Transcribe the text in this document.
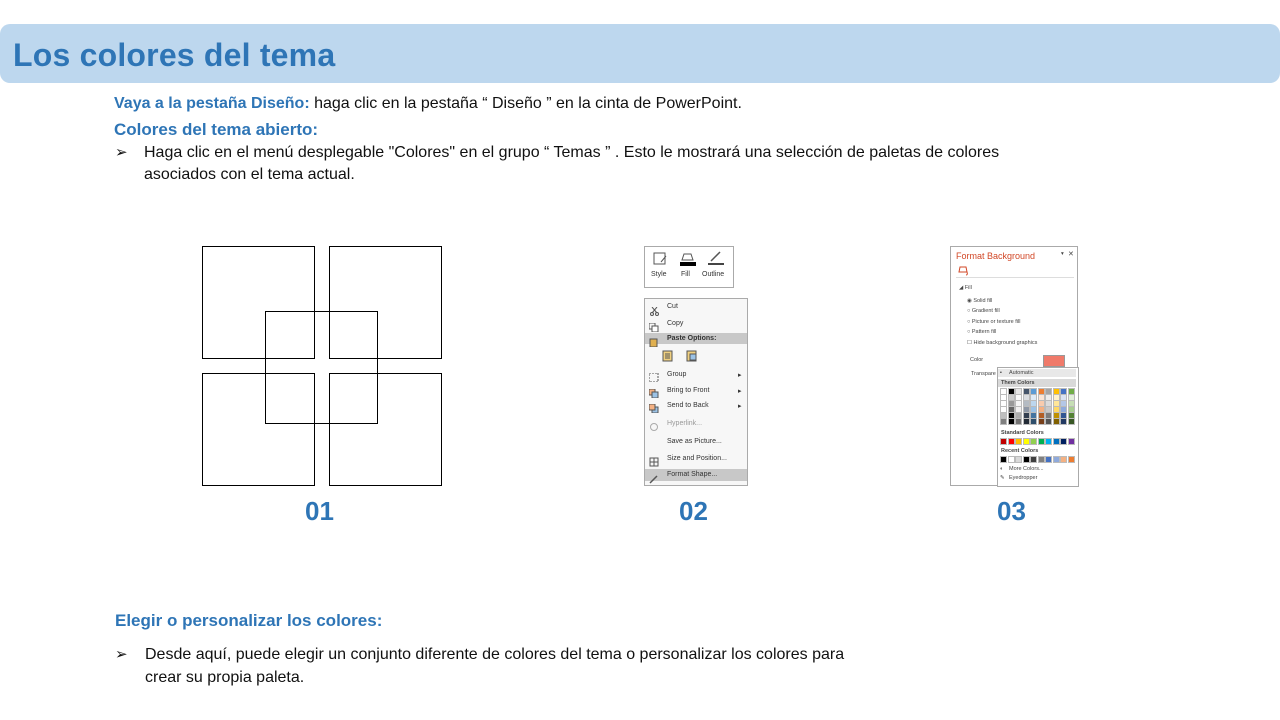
Los colores del tema
Vaya a la pestaña Diseño: haga clic en la pestaña “ Diseño ” en la cinta de PowerPoint.
Colores del tema abierto:
➢ Haga clic en el menú desplegable "Colores" en el grupo “ Temas ” . Esto le mostrará una selección de paletas de colores
asociados con el tema actual.
01
Style Fill Outline
Cut
Copy
Paste Options:
Group	▸
Bring to Front	▸
Send to Back	▸
Hyperlink...
Save as Picture...
Size and Position...
Format Shape...
02
Format Background	▾ ✕
◢ Fill
◉ Solid fill
○ Gradient fill
○ Picture or texture fill
○ Pattern fill
☐ Hide background graphics
Color
Transpare ▪ Automatic
Them Colors
Standard Colors
Recent Colors
◐ More Colors...
✎ Eyedropper
03
Elegir o personalizar los colores:
➢ Desde aquí, puede elegir un conjunto diferente de colores del tema o personalizar los colores para
crear su propia paleta.
